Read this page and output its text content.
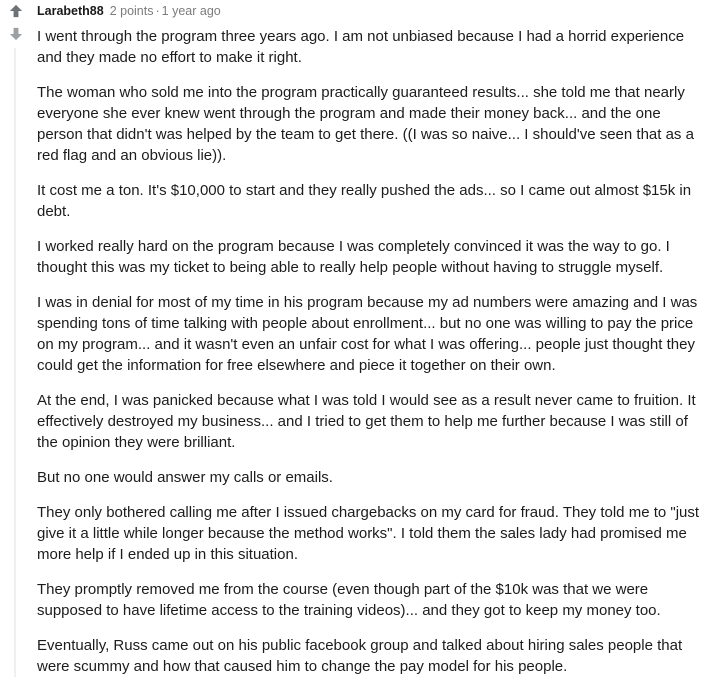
Larabeth88 2 points · 1 year ago

I went through the program three years ago. I am not unbiased because I had a horrid experience and they made no effort to make it right.

The woman who sold me into the program practically guaranteed results... she told me that nearly everyone she ever knew went through the program and made their money back... and the one person that didn't was helped by the team to get there. ((I was so naive... I should've seen that as a red flag and an obvious lie)).

It cost me a ton. It's $10,000 to start and they really pushed the ads... so I came out almost $15k in debt.

I worked really hard on the program because I was completely convinced it was the way to go. I thought this was my ticket to being able to really help people without having to struggle myself.

I was in denial for most of my time in his program because my ad numbers were amazing and I was spending tons of time talking with people about enrollment... but no one was willing to pay the price on my program... and it wasn't even an unfair cost for what I was offering... people just thought they could get the information for free elsewhere and piece it together on their own.

At the end, I was panicked because what I was told I would see as a result never came to fruition. It effectively destroyed my business... and I tried to get them to help me further because I was still of the opinion they were brilliant.

But no one would answer my calls or emails.

They only bothered calling me after I issued chargebacks on my card for fraud. They told me to "just give it a little while longer because the method works". I told them the sales lady had promised me more help if I ended up in this situation.

They promptly removed me from the course (even though part of the $10k was that we were supposed to have lifetime access to the training videos)... and they got to keep my money too.

Eventually, Russ came out on his public facebook group and talked about hiring sales people that were scummy and how that caused him to change the pay model for his people.
